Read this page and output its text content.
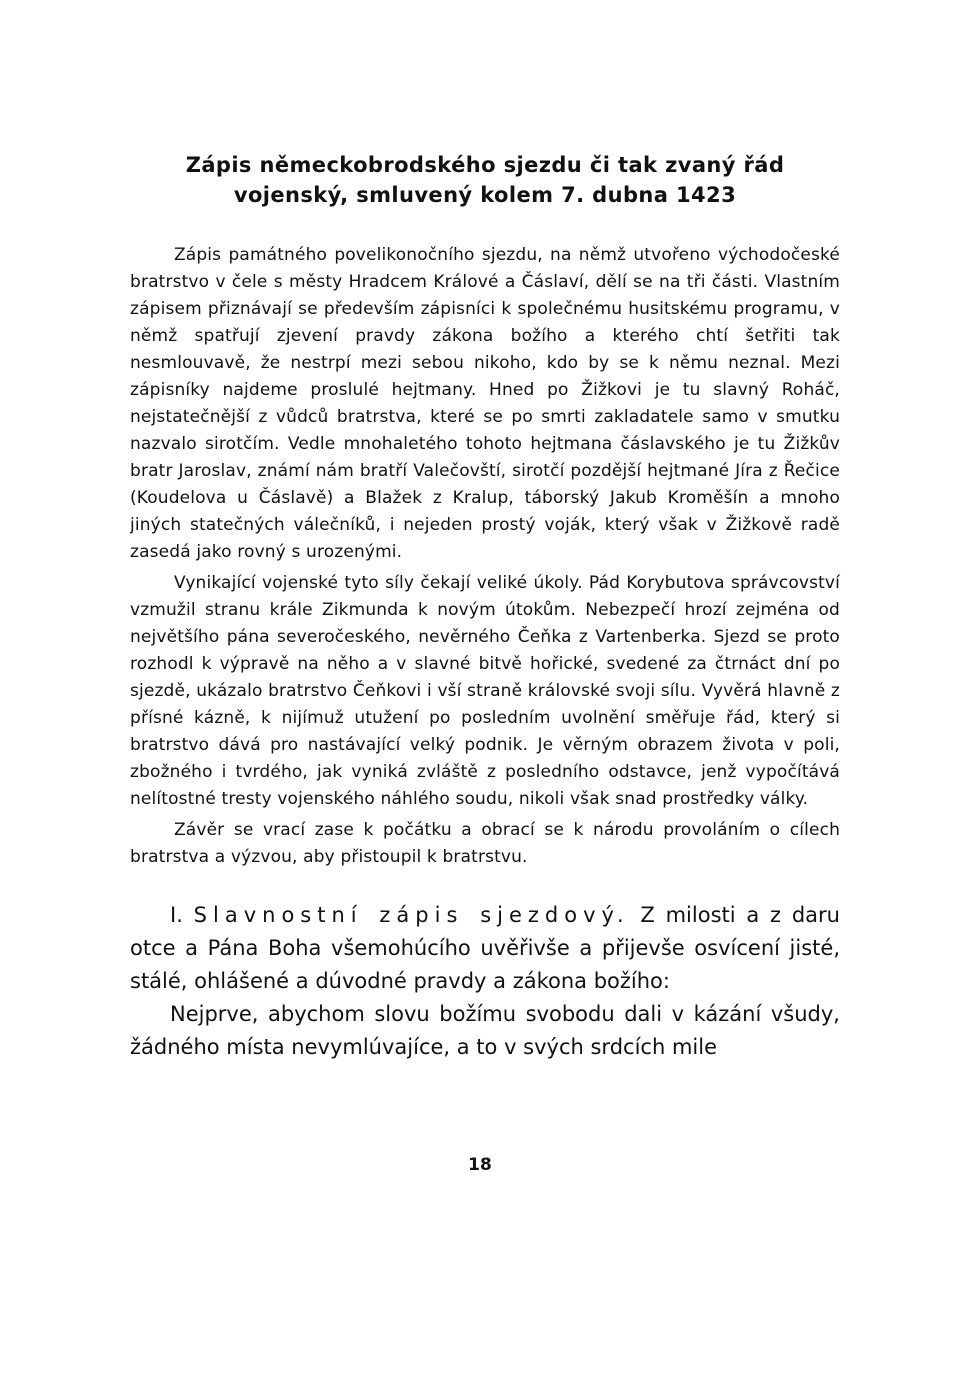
Zápis německobrodského sjezdu či tak zvaný řád
vojenský, smluvený kolem 7. dubna 1423

Zápis památného povelikonočního sjezdu, na němž utvořeno východočeské bratrstvo v čele s městy Hradcem Králové a Čáslaví, dělí se na tři části. Vlastním zápisem přiznávají se především zápisníci k společnému husitskému programu, v němž spatřují zjevení pravdy zákona božího a kterého chtí šetřiti tak nesmlouvavě, že nestrpí mezi sebou nikoho, kdo by se k němu neznal. Mezi zápisníky najdeme proslulé hejtmany. Hned po Žižkovi je tu slavný Roháč, nejstatečnější z vůdců bratrstva, které se po smrti zakladatele samo v smutku nazvalo sirotčím. Vedle mnohaletého tohoto hejtmana čáslavského je tu Žižkův bratr Jaroslav, známí nám bratří Valečovští, sirotčí pozdější hejtmané Jíra z Řečice (Koudelova u Čáslavě) a Blažek z Kralup, táborský Jakub Kroměšín a mnoho jiných statečných válečníků, i nejeden prostý voják, který však v Žižkově radě zasedá jako rovný s urozenými.

Vynikající vojenské tyto síly čekají veliké úkoly. Pád Korybutova správcovství vzmužil stranu krále Zikmunda k novým útokům. Nebezpečí hrozí zejména od největšího pána severočeského, nevěrného Čeňka z Vartenberka. Sjezd se proto rozhodl k výpravě na něho a v slavné bitvě hořické, svedené za čtrnáct dní po sjezdě, ukázalo bratrstvo Čeňkovi i vší straně královské svoji sílu. Vyvěrá hlavně z přísné kázně, k nijímuž utužení po posledním uvolnění směřuje řád, který si bratrstvo dává pro nastávající velký podnik. Je věrným obrazem života v poli, zbožného i tvrdého, jak vyniká zvláště z posledního odstavce, jenž vypočítává nelítostné tresty vojenského náhlého soudu, nikoli však snad prostředky války.

Závěr se vrací zase k počátku a obrací se k národu provoláním o cílech bratrstva a výzvou, aby přistoupil k bratrstvu.

I. Slavnostní zápis sjezdový. Z milosti a z daru otce a Pána Boha všemohúcího uvěřivše a přijevše osvícení jisté, stálé, ohlášené a dúvodné pravdy a zákona božího:

Nejprve, abychom slovu božímu svobodu dali v kázání všudy, žádného místa nevymlúvajíce, a to v svých srdcích mile

18
